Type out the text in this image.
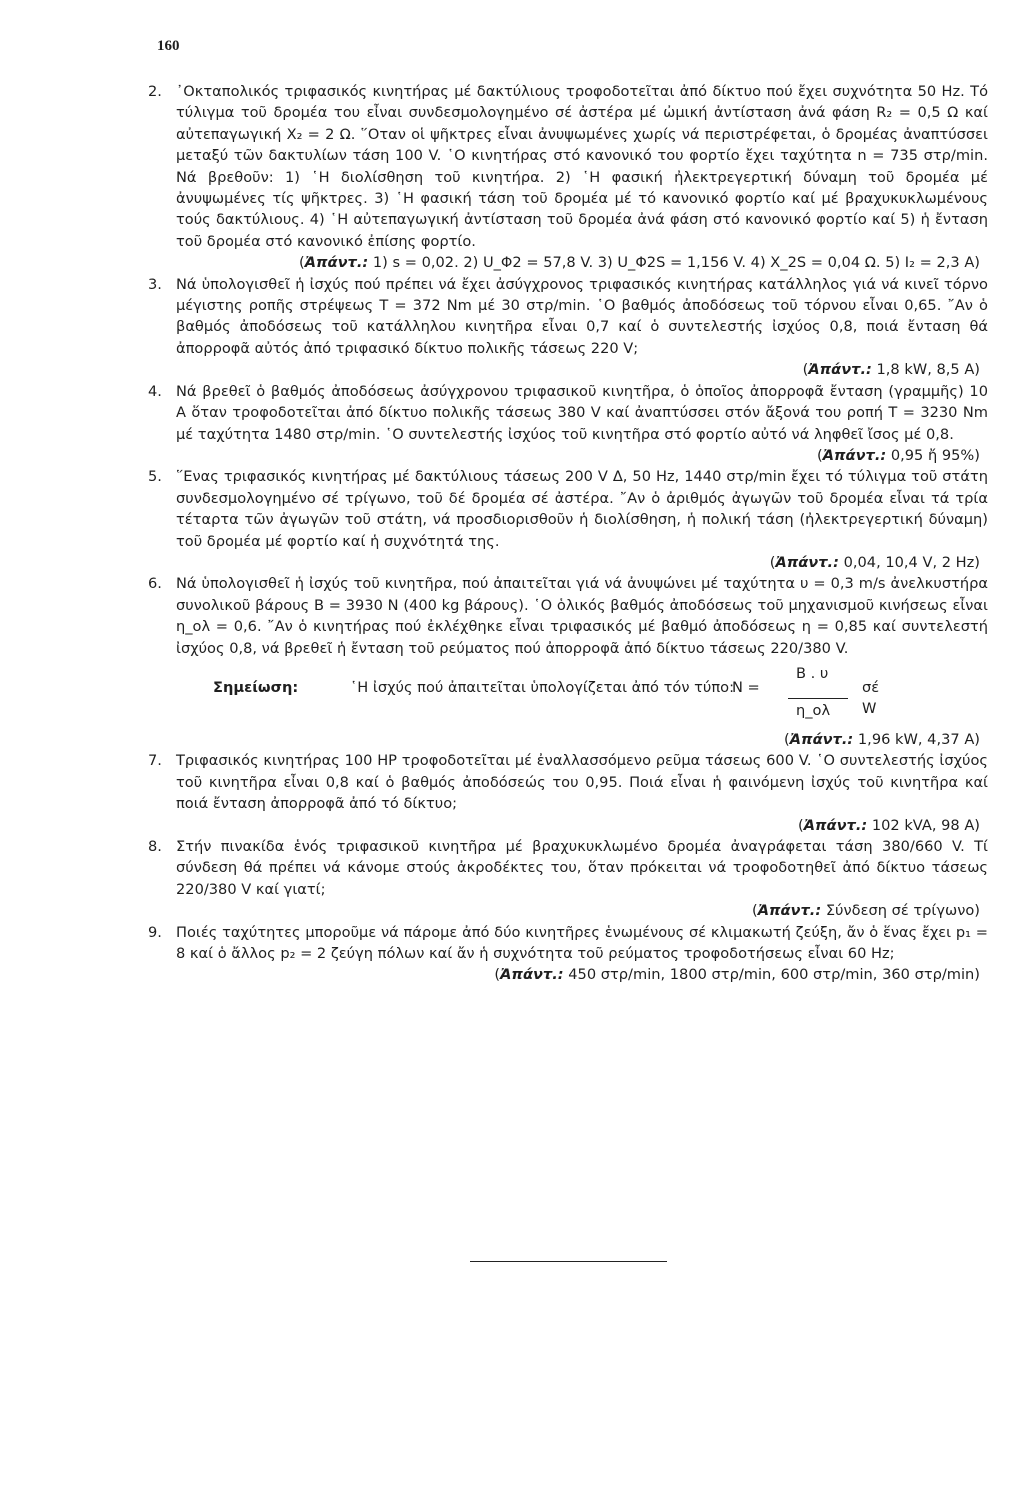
160
2. ᾿Οκταπολικός τριφασικός κινητήρας μέ δακτύλιους τροφοδοτεῖται ἀπό δίκτυο πού ἔχει συχνότητα 50 Hz. Τό τύλιγμα τοῦ δρομέα του εἶναι συνδεσμολογημένο σέ ἀστέρα μέ ὠμική ἀντίσταση ἀνά φάση R₂ = 0,5 Ω καί αὐτεπαγωγική X₂ = 2 Ω. ῞Οταν οἱ ψῆκτρες εἶναι ἀνυψωμένες χωρίς νά περιστρέφεται, ὁ δρομέας ἀναπτύσσει μεταξύ τῶν δακτυλίων τάση 100 V. ῾Ο κινητήρας στό κανονικό του φορτίο ἔχει ταχύτητα n = 735 στρ/min. Νά βρεθοῦν: 1) ῾Η διολίσθηση τοῦ κινητήρα. 2) ῾Η φασική ἠλεκτρεγερτική δύναμη τοῦ δρομέα μέ ἀνυψωμένες τίς ψῆκτρες. 3) ῾Η φασική τάση τοῦ δρομέα μέ τό κανονικό φορτίο καί μέ βραχυκυκλωμένους τούς δακτύλιους. 4) ῾Η αὐτεπαγωγική ἀντίσταση τοῦ δρομέα ἀνά φάση στό κανονικό φορτίο καί 5) ἡ ἔνταση τοῦ δρομέα στό κανονικό ἐπίσης φορτίο.
(Ἀπάντ.: 1) s = 0,02. 2) U_Φ2 = 57,8 V. 3) U_Φ2S = 1,156 V. 4) X_2S = 0,04 Ω. 5) I₂ = 2,3 A)
3. Νά ὑπολογισθεῖ ἡ ἰσχύς πού πρέπει νά ἔχει ἀσύγχρονος τριφασικός κινητήρας κατάλληλος γιά νά κινεῖ τόρνο μέγιστης ροπῆς στρέψεως T = 372 Nm μέ 30 στρ/min. ῾Ο βαθμός ἀποδόσεως τοῦ τόρνου εἶναι 0,65. ῎Αν ὁ βαθμός ἀποδόσεως τοῦ κατάλληλου κινητῆρα εἶναι 0,7 καί ὁ συντελεστής ἰσχύος 0,8, ποιά ἔνταση θά ἀπορροφᾶ αὐτός ἀπό τριφασικό δίκτυο πολικῆς τάσεως 220 V;
(Ἀπάντ.: 1,8 kW, 8,5 A)
4. Νά βρεθεῖ ὁ βαθμός ἀποδόσεως ἀσύγχρονου τριφασικοῦ κινητῆρα, ὁ ὁποῖος ἀπορροφᾶ ἔνταση (γραμμῆς) 10 A ὅταν τροφοδοτεῖται ἀπό δίκτυο πολικῆς τάσεως 380 V καί ἀναπτύσσει στόν ἄξονά του ροπή T = 3230 Nm μέ ταχύτητα 1480 στρ/min. ῾Ο συντελεστής ἰσχύος τοῦ κινητῆρα στό φορτίο αὐτό νά ληφθεῖ ἴσος μέ 0,8.
(Ἀπάντ.: 0,95 ἤ 95%)
5. ῞Ενας τριφασικός κινητήρας μέ δακτύλιους τάσεως 200 V Δ, 50 Hz, 1440 στρ/min ἔχει τό τύλιγμα τοῦ στάτη συνδεσμολογημένο σέ τρίγωνο, τοῦ δέ δρομέα σέ ἀστέρα. ῎Αν ὁ ἀριθμός ἀγωγῶν τοῦ δρομέα εἶναι τά τρία τέταρτα τῶν ἀγωγῶν τοῦ στάτη, νά προσδιορισθοῦν ἡ διολίσθηση, ἡ πολική τάση (ἠλεκτρεγερτική δύναμη) τοῦ δρομέα μέ φορτίο καί ἡ συχνότητά της.
(Ἀπάντ.: 0,04, 10,4 V, 2 Hz)
6. Νά ὑπολογισθεῖ ἡ ἰσχύς τοῦ κινητῆρα, πού ἀπαιτεῖται γιά νά ἀνυψώνει μέ ταχύτητα υ = 0,3 m/s ἀνελκυστήρα συνολικοῦ βάρους B = 3930 N (400 kg βάρους). ῾Ο ὁλικός βαθμός ἀποδόσεως τοῦ μηχανισμοῦ κινήσεως εἶναι η_ολ = 0,6. ῎Αν ὁ κινητήρας πού ἐκλέχθηκε εἶναι τριφασικός μέ βαθμό ἀποδόσεως η = 0,85 καί συντελεστή ἰσχύος 0,8, νά βρεθεῖ ἡ ἔνταση τοῦ ρεύματος πού ἀπορροφᾶ ἀπό δίκτυο τάσεως 220/380 V.
Σημείωση:	῾Η ἰσχύς πού ἀπαιτεῖται ὑπολογίζεται ἀπό τόν τύπο:
N =
B . υ
η_ολ
σέ W
(Ἀπάντ.: 1,96 kW, 4,37 A)
7. Τριφασικός κινητήρας 100 HP τροφοδοτεῖται μέ ἐναλλασσόμενο ρεῦμα τάσεως 600 V. ῾Ο συντελεστής ἰσχύος τοῦ κινητῆρα εἶναι 0,8 καί ὁ βαθμός ἀποδόσεώς του 0,95. Ποιά εἶναι ἡ φαινόμενη ἰσχύς τοῦ κινητῆρα καί ποιά ἔνταση ἀπορροφᾶ ἀπό τό δίκτυο;
(Ἀπάντ.: 102 kVA, 98 A)
8. Στήν πινακίδα ἑνός τριφασικοῦ κινητῆρα μέ βραχυκυκλωμένο δρομέα ἀναγράφεται τάση 380/660 V. Τί σύνδεση θά πρέπει νά κάνομε στούς ἀκροδέκτες του, ὅταν πρόκειται νά τροφοδοτηθεῖ ἀπό δίκτυο τάσεως 220/380 V καί γιατί;
(Ἀπάντ.: Σύνδεση σέ τρίγωνο)
9. Ποιές ταχύτητες μποροῦμε νά πάρομε ἀπό δύο κινητῆρες ἑνωμένους σέ κλιμακωτή ζεύξη, ἄν ὁ ἕνας ἔχει p₁ = 8 καί ὁ ἄλλος p₂ = 2 ζεύγη πόλων καί ἄν ἡ συχνότητα τοῦ ρεύματος τροφοδοτήσεως εἶναι 60 Hz;
(Ἀπάντ.: 450 στρ/min, 1800 στρ/min, 600 στρ/min, 360 στρ/min)
